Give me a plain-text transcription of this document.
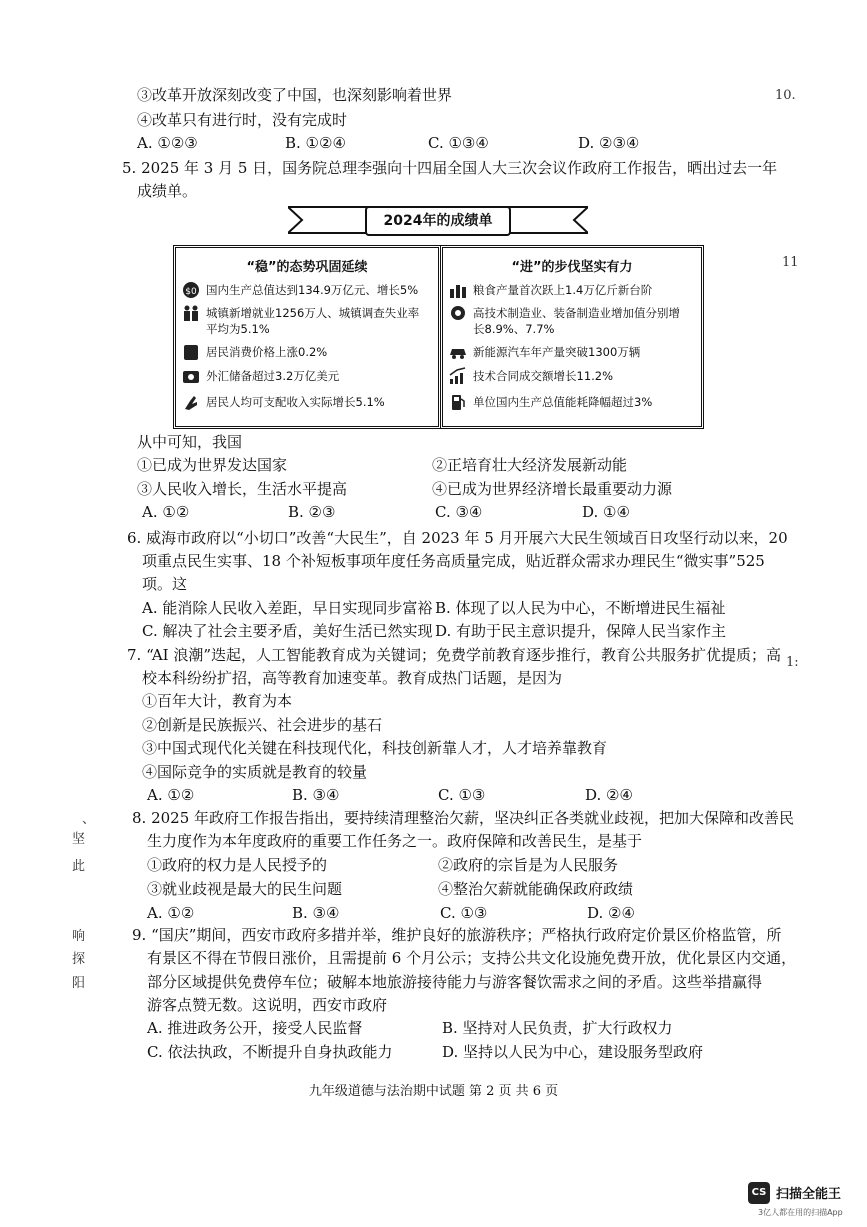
③改革开放深刻改变了中国，也深刻影响着世界
④改革只有进行时，没有完成时
A. ①②③	B. ①②④	C. ①③④	D. ②③④
5. 2025 年 3 月 5 日，国务院总理李强向十四届全国人大三次会议作政府工作报告，晒出过去一年
成绩单。
2024年的成绩单
“稳”的态势巩固延续
$0 国内生产总值达到134.9万亿元、增长5%
城镇新增就业1256万人、城镇调查失业率平均为5.1%
居民消费价格上涨0.2%
外汇储备超过3.2万亿美元
居民人均可支配收入实际增长5.1%
“进”的步伐坚实有力
粮食产量首次跃上1.4万亿斤新台阶
高技术制造业、装备制造业增加值分别增长8.9%、7.7%
新能源汽车年产量突破1300万辆
技术合同成交额增长11.2%
单位国内生产总值能耗降幅超过3%
从中可知，我国
①已成为世界发达国家	②正培育壮大经济发展新动能
③人民收入增长，生活水平提高	④已成为世界经济增长最重要动力源
A. ①②	B. ②③	C. ③④	D. ①④
6. 威海市政府以“小切口”改善“大民生”，自 2023 年 5 月开展六大民生领域百日攻坚行动以来，20
项重点民生实事、18 个补短板事项年度任务高质量完成，贴近群众需求办理民生“微实事”525
项。这
A. 能消除人民收入差距，早日实现同步富裕 B. 体现了以人民为中心，不断增进民生福祉
C. 解决了社会主要矛盾，美好生活已然实现 D. 有助于民主意识提升，保障人民当家作主
7. “AI 浪潮”迭起，人工智能教育成为关键词；免费学前教育逐步推行，教育公共服务扩优提质；高
校本科纷纷扩招，高等教育加速变革。教育成热门话题，是因为
①百年大计，教育为本
②创新是民族振兴、社会进步的基石
③中国式现代化关键在科技现代化，科技创新靠人才，人才培养靠教育
④国际竞争的实质就是教育的较量
A. ①②	B. ③④	C. ①③	D. ②④
8. 2025 年政府工作报告指出，要持续清理整治欠薪，坚决纠正各类就业歧视，把加大保障和改善民
生力度作为本年度政府的重要工作任务之一。政府保障和改善民生，是基于
①政府的权力是人民授予的	②政府的宗旨是为人民服务
③就业歧视是最大的民生问题	④整治欠薪就能确保政府政绩
A. ①②	B. ③④	C. ①③	D. ②④
9. “国庆”期间，西安市政府多措并举，维护良好的旅游秩序；严格执行政府定价景区价格监管，所
有景区不得在节假日涨价，且需提前 6 个月公示；支持公共文化设施免费开放，优化景区内交通，
部分区域提供免费停车位；破解本地旅游接待能力与游客餐饮需求之间的矛盾。这些举措赢得
游客点赞无数。这说明，西安市政府
A. 推进政务公开，接受人民监督	B. 坚持对人民负责，扩大行政权力
C. 依法执政，不断提升自身执政能力	D. 坚持以人民为中心，建设服务型政府
九年级道德与法治期中试题 第 2 页 共 6 页
10.
11
1:
、
坚
此
响
探
阳
CS 扫描全能王
3亿人都在用的扫描App
